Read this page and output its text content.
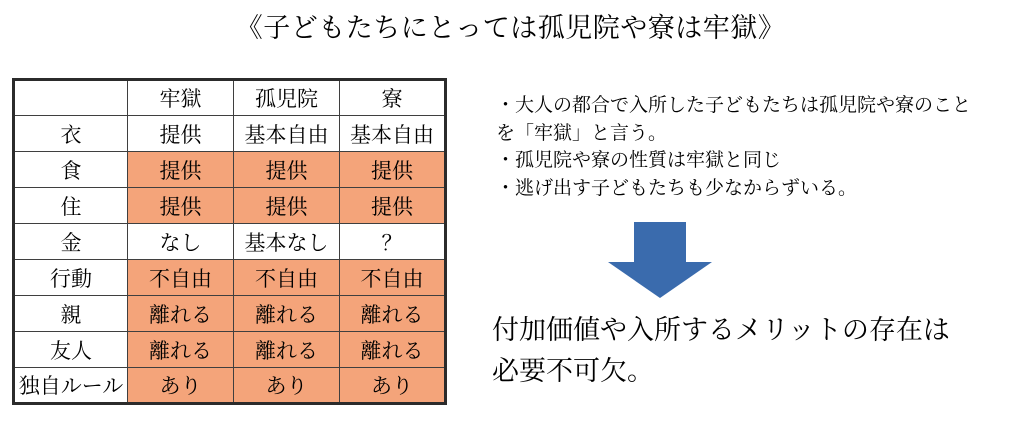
《子どもたちにとっては孤児院や寮は牢獄》
	牢獄	孤児院	寮
衣	提供	基本自由	基本自由
食	提供	提供	提供
住	提供	提供	提供
金	なし	基本なし	？
行動	不自由	不自由	不自由
親	離れる	離れる	離れる
友人	離れる	離れる	離れる
独自ルール	あり	あり	あり
・大人の都合で入所した子どもたちは孤児院や寮のこと
を「牢獄」と言う。
・孤児院や寮の性質は牢獄と同じ
・逃げ出す子どもたちも少なからずいる。
付加価値や入所するメリットの存在は
必要不可欠。
